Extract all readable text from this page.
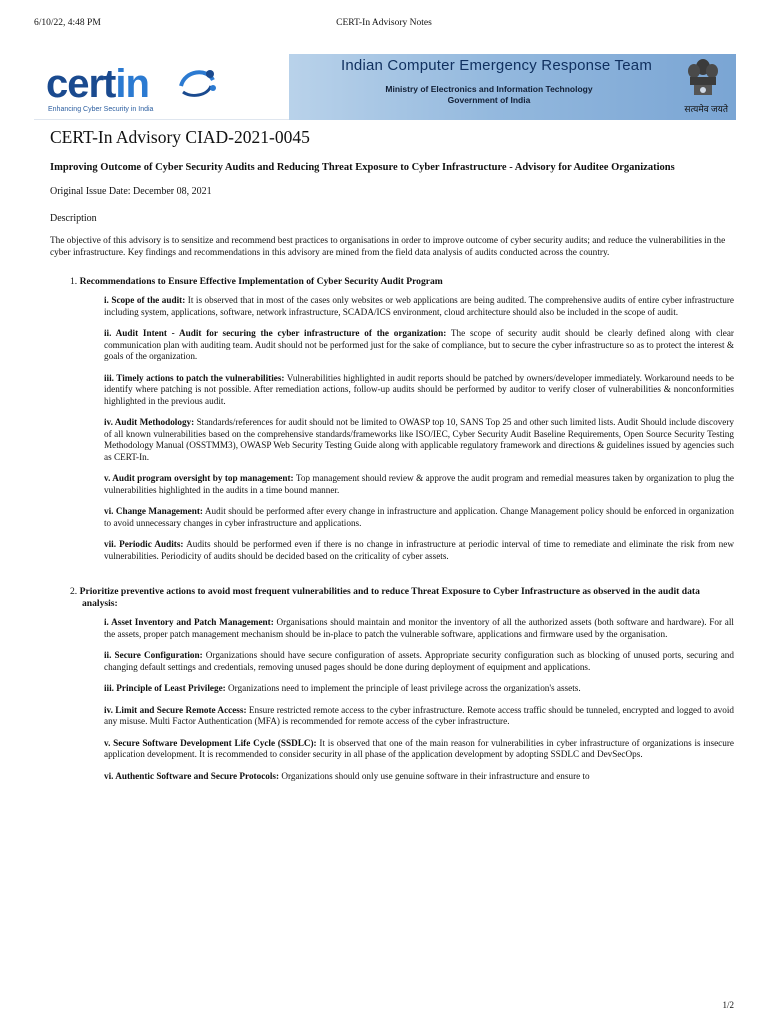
6/10/22, 4:48 PM	CERT-In Advisory Notes
certin
Enhancing Cyber Security in India
Indian Computer Emergency Response Team
Ministry of Electronics and Information Technology
Government of India
सत्यमेव जयते
CERT-In Advisory CIAD-2021-0045
Improving Outcome of Cyber Security Audits and Reducing Threat Exposure to Cyber Infrastructure - Advisory for Auditee Organizations
Original Issue Date: December 08, 2021
Description

The objective of this advisory is to sensitize and recommend best practices to organisations in order to improve outcome of cyber security audits; and reduce the vulnerabilities in the cyber infrastructure. Key findings and recommendations in this advisory are mined from the field data analysis of audits conducted across the country.

1. Recommendations to Ensure Effective Implementation of Cyber Security Audit Program

i. Scope of the audit: It is observed that in most of the cases only websites or web applications are being audited. The comprehensive audits of entire cyber infrastructure including system, applications, software, network infrastructure, SCADA/ICS environment, cloud architecture should also be included in the scope of audit.

ii. Audit Intent - Audit for securing the cyber infrastructure of the organization: The scope of security audit should be clearly defined along with clear communication plan with auditing team. Audit should not be performed just for the sake of compliance, but to secure the cyber infrastructure so as to protect the interest & goals of the organization.

iii. Timely actions to patch the vulnerabilities: Vulnerabilities highlighted in audit reports should be patched by owners/developer immediately. Workaround needs to be identify where patching is not possible. After remediation actions, follow-up audits should be performed by auditor to verify closer of vulnerabilities & nonconformities highlighted in the previous audit.

iv. Audit Methodology: Standards/references for audit should not be limited to OWASP top 10, SANS Top 25 and other such limited lists. Audit Should include discovery of all known vulnerabilities based on the comprehensive standards/frameworks like ISO/IEC, Cyber Security Audit Baseline Requirements, Open Source Security Testing Methodology Manual (OSSTMM3), OWASP Web Security Testing Guide along with applicable regulatory framework and directions & guidelines issued by agencies such as CERT-In.

v. Audit program oversight by top management: Top management should review & approve the audit program and remedial measures taken by organization to plug the vulnerabilities highlighted in the audits in a time bound manner.

vi. Change Management: Audit should be performed after every change in infrastructure and application. Change Management policy should be enforced in organization to avoid unnecessary changes in cyber infrastructure and applications.

vii. Periodic Audits: Audits should be performed even if there is no change in infrastructure at periodic interval of time to remediate and eliminate the risk from new vulnerabilities. Periodicity of audits should be decided based on the criticality of cyber assets.

2. Prioritize preventive actions to avoid most frequent vulnerabilities and to reduce Threat Exposure to Cyber Infrastructure as observed in the audit data analysis:

i. Asset Inventory and Patch Management: Organisations should maintain and monitor the inventory of all the authorized assets (both software and hardware). For all the assets, proper patch management mechanism should be in-place to patch the vulnerable software, applications and firmware used by the organisation.

ii. Secure Configuration: Organizations should have secure configuration of assets. Appropriate security configuration such as blocking of unused ports, securing and changing default settings and credentials, removing unused pages should be done during deployment of equipment and applications.

iii. Principle of Least Privilege: Organizations need to implement the principle of least privilege across the organization's assets.

iv. Limit and Secure Remote Access: Ensure restricted remote access to the cyber infrastructure. Remote access traffic should be tunneled, encrypted and logged to avoid any misuse. Multi Factor Authentication (MFA) is recommended for remote access of the cyber infrastructure.

v. Secure Software Development Life Cycle (SSDLC): It is observed that one of the main reason for vulnerabilities in cyber infrastructure of organizations is insecure application development. It is recommended to consider security in all phase of the application development by adopting SSDLC and DevSecOps.

vi. Authentic Software and Secure Protocols: Organizations should only use genuine software in their infrastructure and ensure to

1/2
